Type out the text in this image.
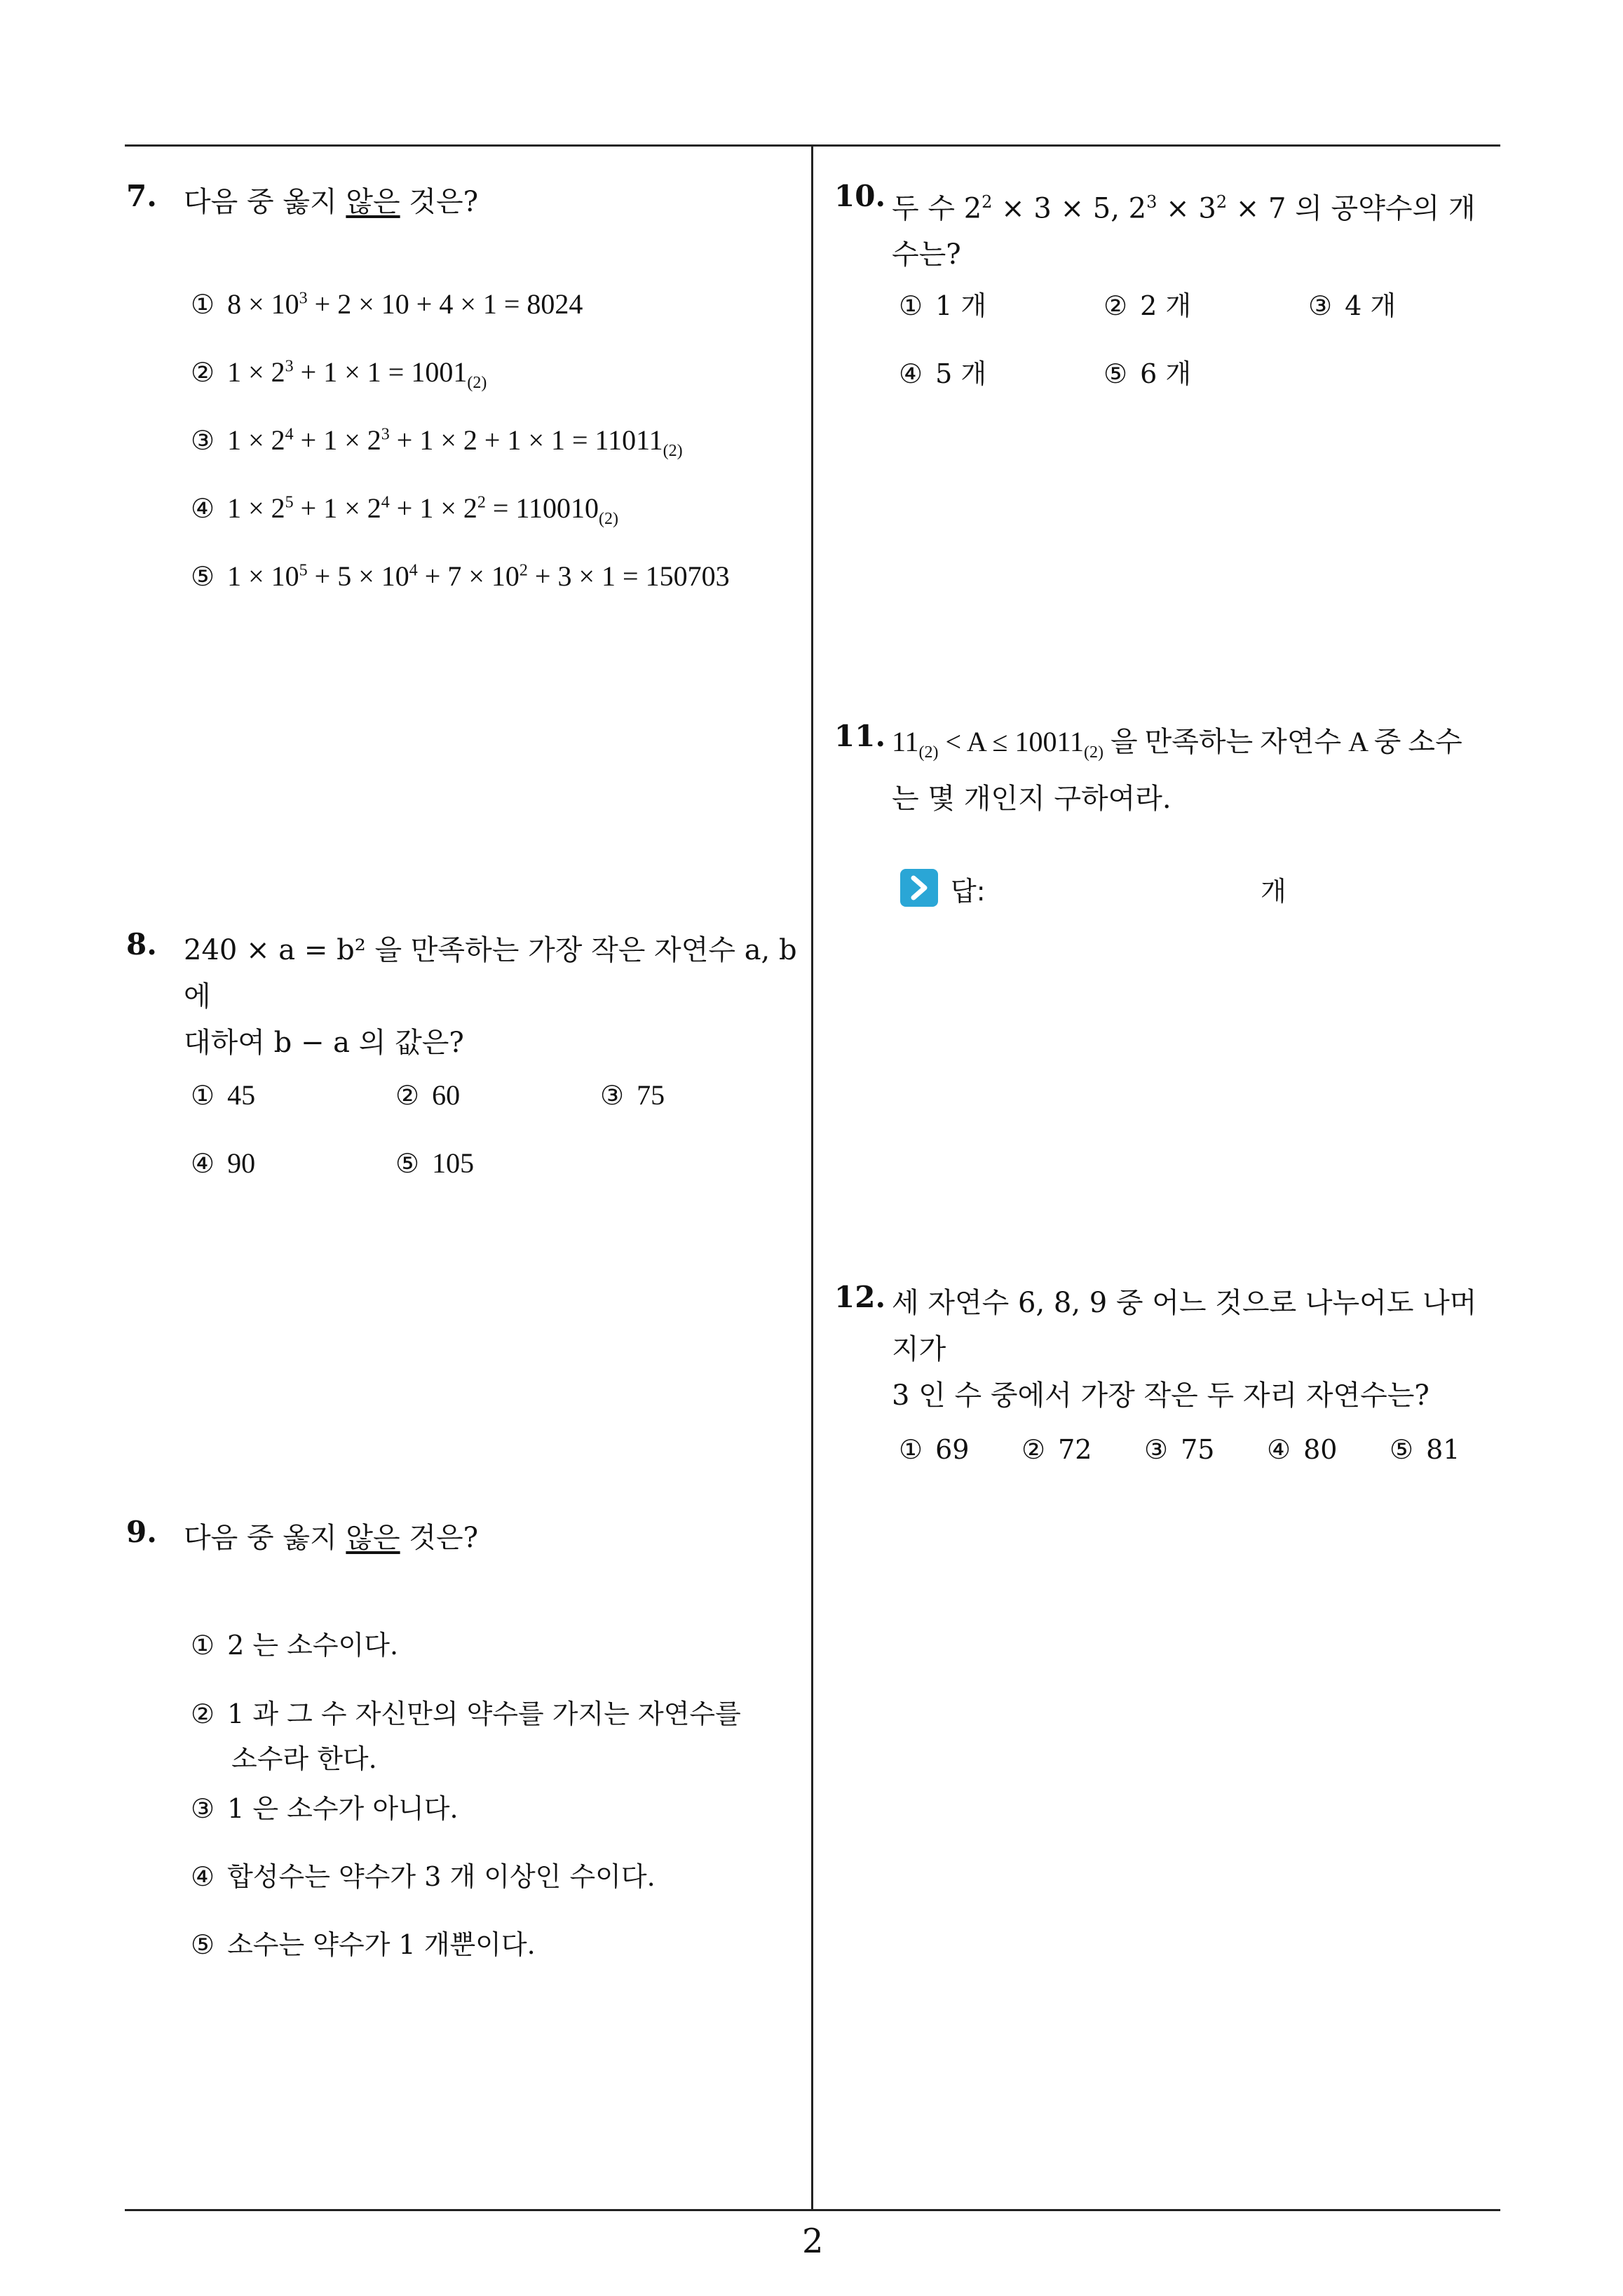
7. 다음 중 옳지 않은 것은?
① $8 \times 10^3 + 2 \times 10 + 4 \times 1 = 8024$
② $1 \times 2^3 + 1 \times 1 = 1001_{(2)}$
③ $1 \times 2^4 + 1 \times 2^3 + 1 \times 2 + 1 \times 1 = 11011_{(2)}$
④ $1 \times 2^5 + 1 \times 2^4 + 1 \times 2^2 = 110010_{(2)}$
⑤ $1 \times 10^5 + 5 \times 10^4 + 7 \times 10^2 + 3 \times 1 = 150703$
8. 240 × a = b² 을 만족하는 가장 작은 자연수 a, b 에
대하여 b − a 의 값은?
① 45	② 60	③ 75
④ 90	⑤ 105
9. 다음 중 옳지 않은 것은?
① 2 는 소수이다.
② 1 과 그 수 자신만의 약수를 가지는 자연수를
소수라 한다.
③ 1 은 소수가 아니다.
④ 합성수는 약수가 3 개 이상인 수이다.
⑤ 소수는 약수가 1 개뿐이다.
10. 두 수 $2^2 \times 3 \times 5$, $2^3 \times 3^2 \times 7$ 의 공약수의 개수는?
① 1 개	② 2 개	③ 4 개
④ 5 개	⑤ 6 개
11. $11_{(2)} < A \le 10011_{(2)}$ 을 만족하는 자연수 A 중 소수
는 몇 개인지 구하여라.
답:	개
12. 세 자연수 6, 8, 9 중 어느 것으로 나누어도 나머지가
3 인 수 중에서 가장 작은 두 자리 자연수는?
① 69 ② 72 ③ 75 ④ 80 ⑤ 81
2
